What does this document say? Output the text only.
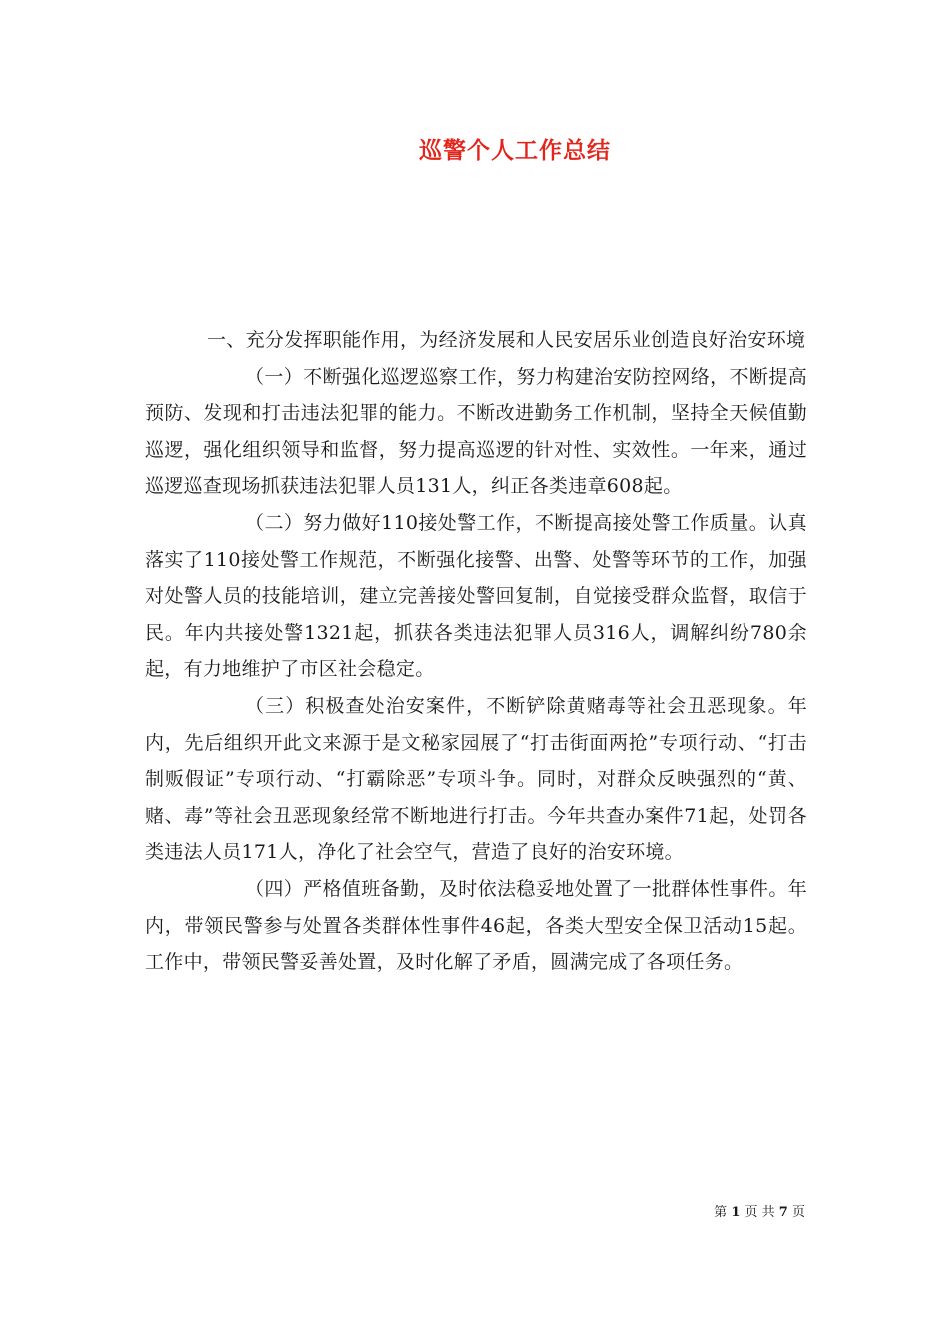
巡警个人工作总结

一、充分发挥职能作用，为经济发展和人民安居乐业创造良好治安环境

（一）不断强化巡逻巡察工作，努力构建治安防控网络，不断提高预防、发现和打击违法犯罪的能力。不断改进勤务工作机制，坚持全天候值勤巡逻，强化组织领导和监督，努力提高巡逻的针对性、实效性。一年来，通过巡逻巡查现场抓获违法犯罪人员131人，纠正各类违章608起。

（二）努力做好110接处警工作，不断提高接处警工作质量。认真落实了110接处警工作规范，不断强化接警、出警、处警等环节的工作，加强对处警人员的技能培训，建立完善接处警回复制，自觉接受群众监督，取信于民。年内共接处警1321起，抓获各类违法犯罪人员316人，调解纠纷780余起，有力地维护了市区社会稳定。

（三）积极查处治安案件，不断铲除黄赌毒等社会丑恶现象。年内，先后组织开此文来源于是文秘家园展了“打击街面两抢”专项行动、“打击制贩假证”专项行动、“打霸除恶”专项斗争。同时，对群众反映强烈的“黄、赌、毒”等社会丑恶现象经常不断地进行打击。今年共查办案件71起，处罚各类违法人员171人，净化了社会空气，营造了良好的治安环境。

（四）严格值班备勤，及时依法稳妥地处置了一批群体性事件。年内，带领民警参与处置各类群体性事件46起，各类大型安全保卫活动15起。工作中，带领民警妥善处置，及时化解了矛盾，圆满完成了各项任务。

第 1 页 共 7 页
